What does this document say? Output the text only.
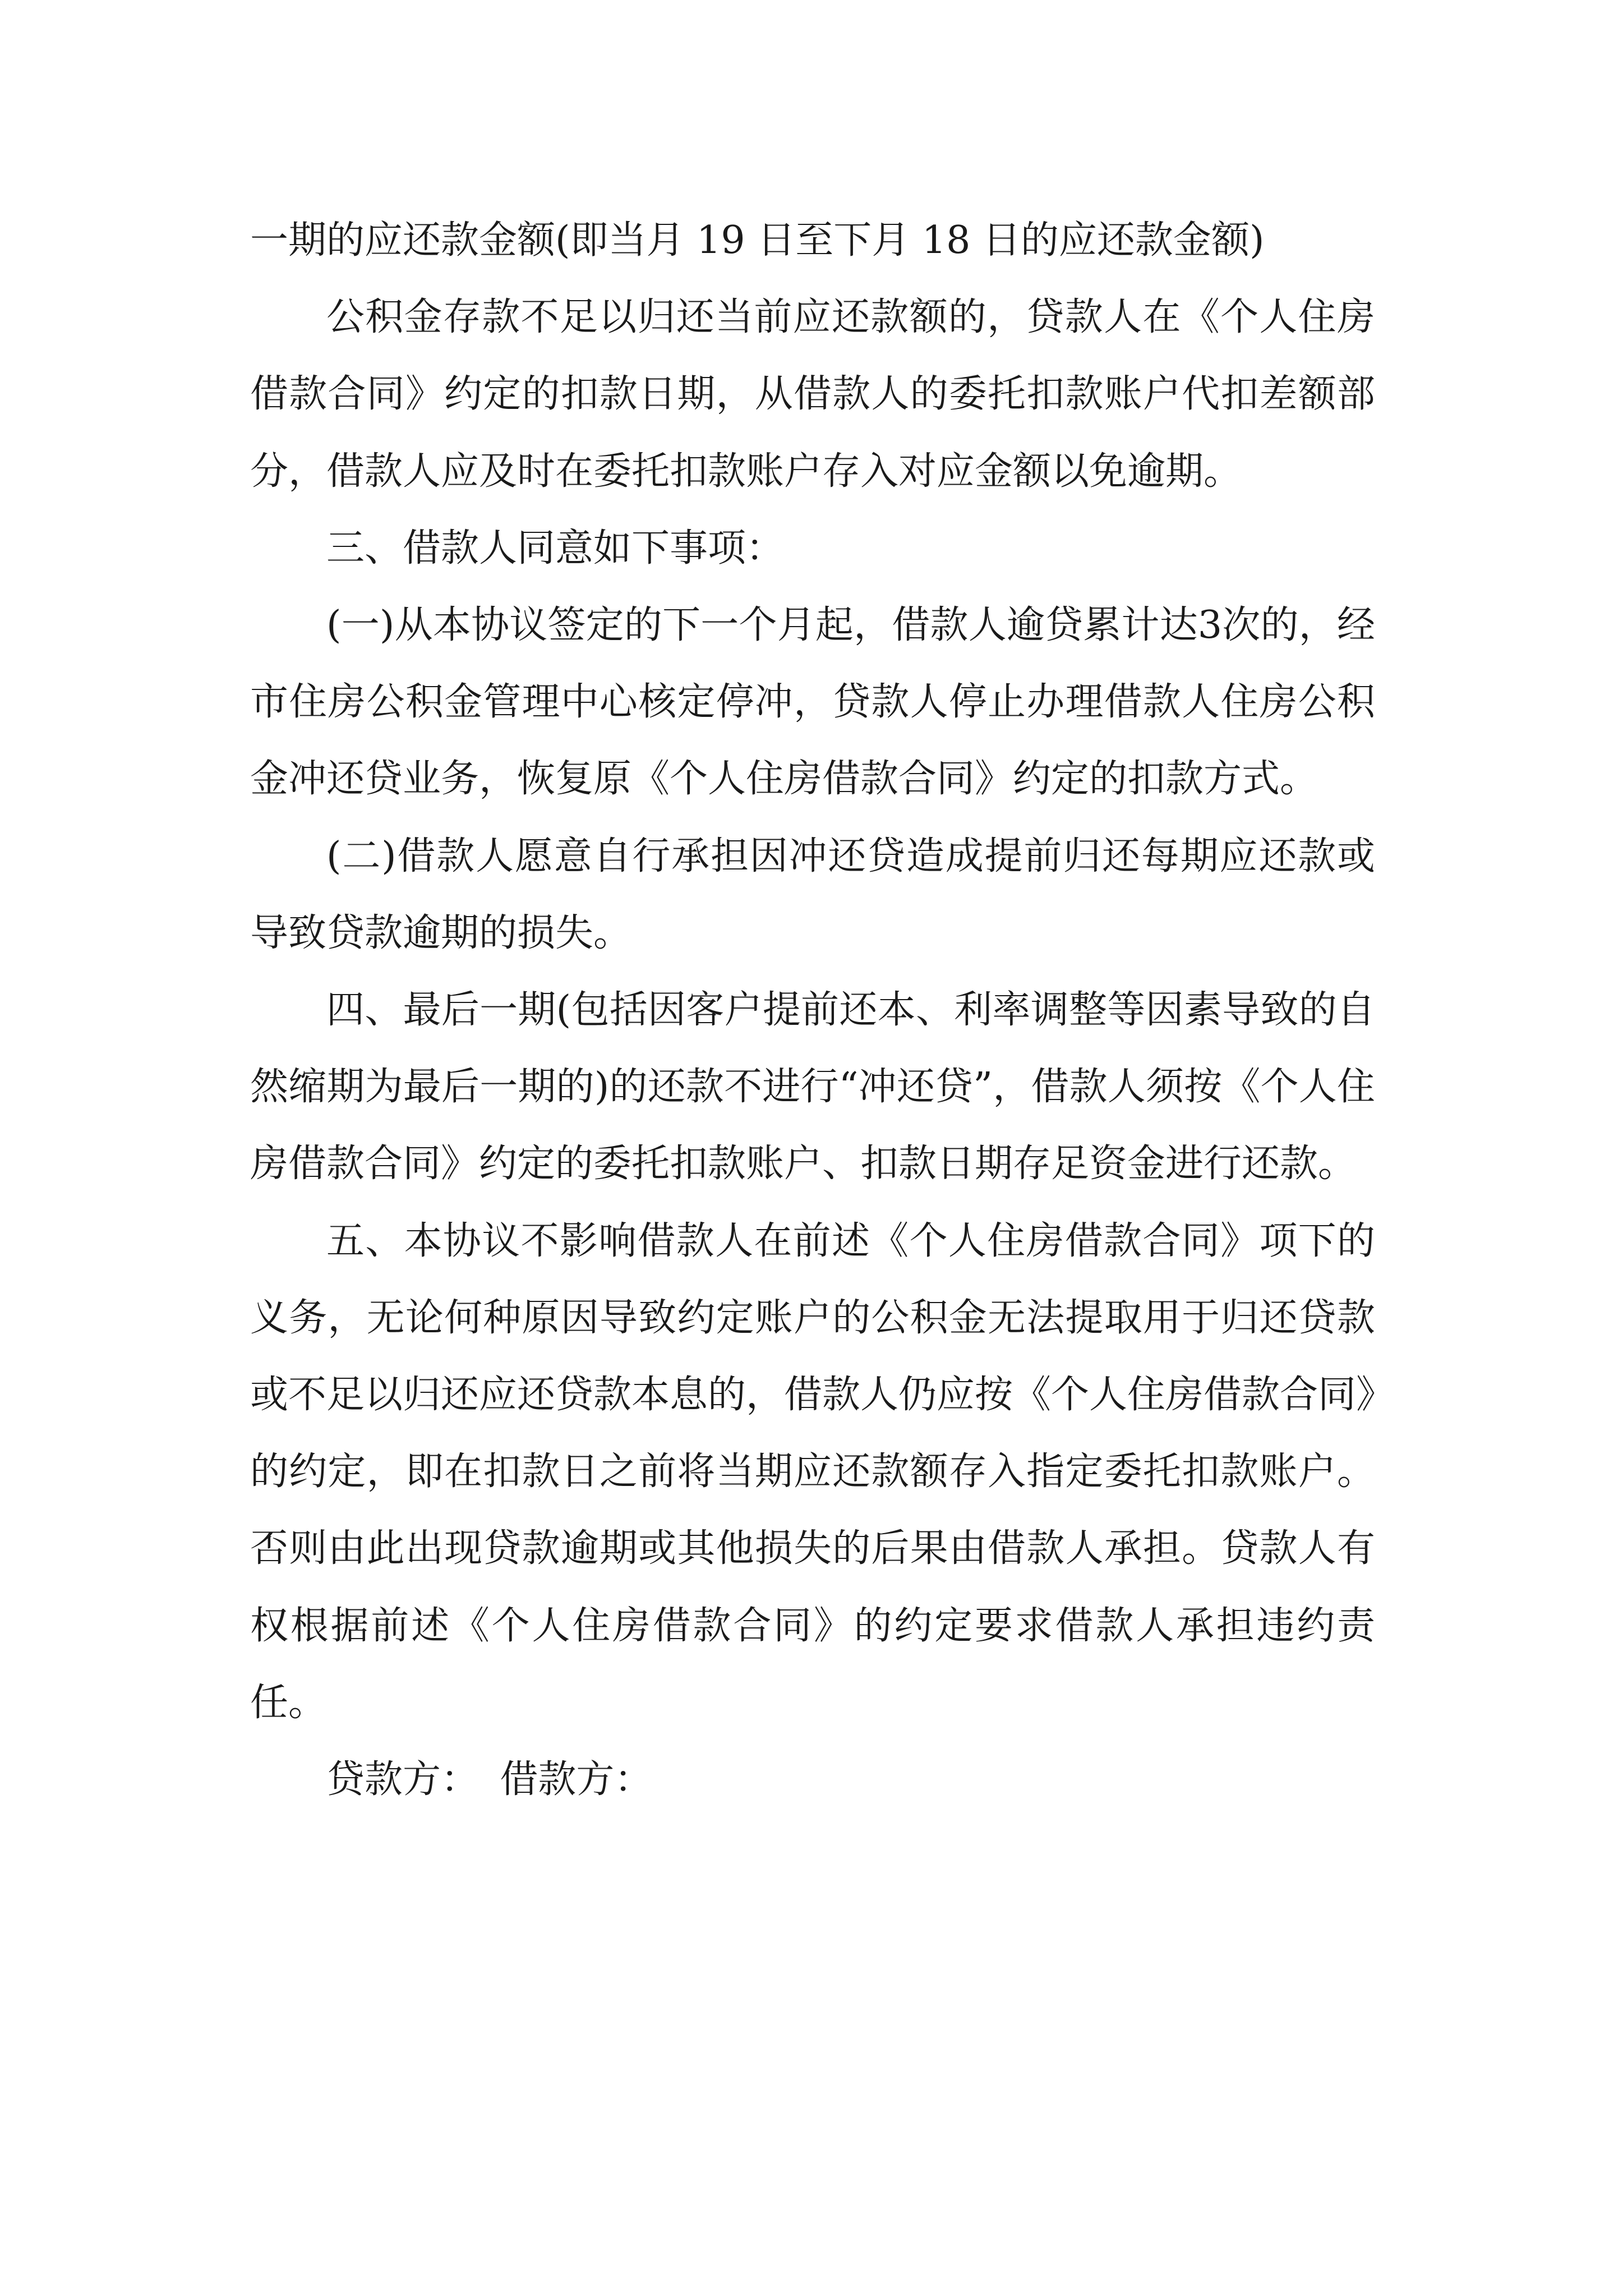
一期的应还款金额(即当月 19 日至下月 18 日的应还款金额)

公积金存款不足以归还当前应还款额的，贷款人在《个人住房借款合同》约定的扣款日期，从借款人的委托扣款账户代扣差额部分，借款人应及时在委托扣款账户存入对应金额以免逾期。

三、借款人同意如下事项：

(一)从本协议签定的下一个月起，借款人逾贷累计达3次的，经市住房公积金管理中心核定停冲，贷款人停止办理借款人住房公积金冲还贷业务，恢复原《个人住房借款合同》约定的扣款方式。

(二)借款人愿意自行承担因冲还贷造成提前归还每期应还款或导致贷款逾期的损失。

四、最后一期(包括因客户提前还本、利率调整等因素导致的自然缩期为最后一期的)的还款不进行“冲还贷”，借款人须按《个人住房借款合同》约定的委托扣款账户、扣款日期存足资金进行还款。

五、本协议不影响借款人在前述《个人住房借款合同》项下的义务，无论何种原因导致约定账户的公积金无法提取用于归还贷款或不足以归还应还贷款本息的，借款人仍应按《个人住房借款合同》的约定，即在扣款日之前将当期应还款额存入指定委托扣款账户。否则由此出现贷款逾期或其他损失的后果由借款人承担。贷款人有权根据前述《个人住房借款合同》的约定要求借款人承担违约责任。

贷款方： 借款方：
